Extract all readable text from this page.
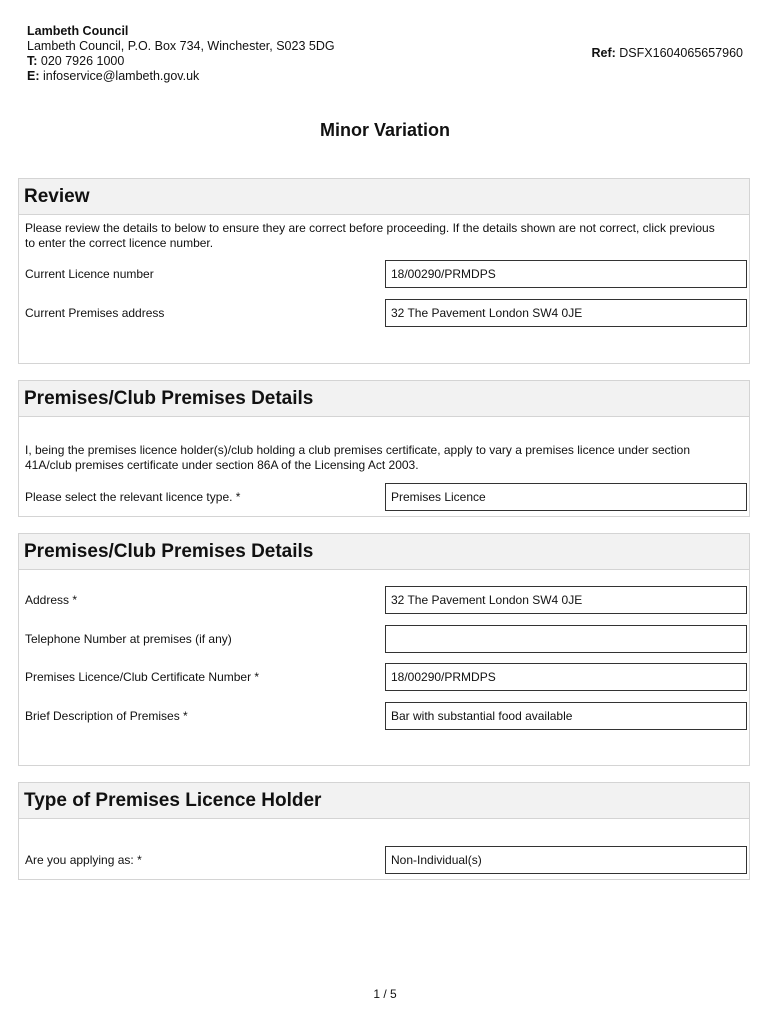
Lambeth Council
Lambeth Council, P.O. Box 734, Winchester, S023 5DG
T: 020 7926 1000
E: infoservice@lambeth.gov.uk
Ref: DSFX1604065657960
Minor Variation
Review
Please review the details to below to ensure they are correct before proceeding. If the details shown are not correct, click previous to enter the correct licence number.
Current Licence number	18/00290/PRMDPS
Current Premises address	32 The Pavement London SW4 0JE
Premises/Club Premises Details
I, being the premises licence holder(s)/club holding a club premises certificate, apply to vary a premises licence under section 41A/club premises certificate under section 86A of the Licensing Act 2003.
Please select the relevant licence type. *	Premises Licence
Premises/Club Premises Details
Address *	32 The Pavement London SW4 0JE
Telephone Number at premises (if any)
Premises Licence/Club Certificate Number *	18/00290/PRMDPS
Brief Description of Premises *	Bar with substantial food available
Type of Premises Licence Holder
Are you applying as: *	Non-Individual(s)
1 / 5
